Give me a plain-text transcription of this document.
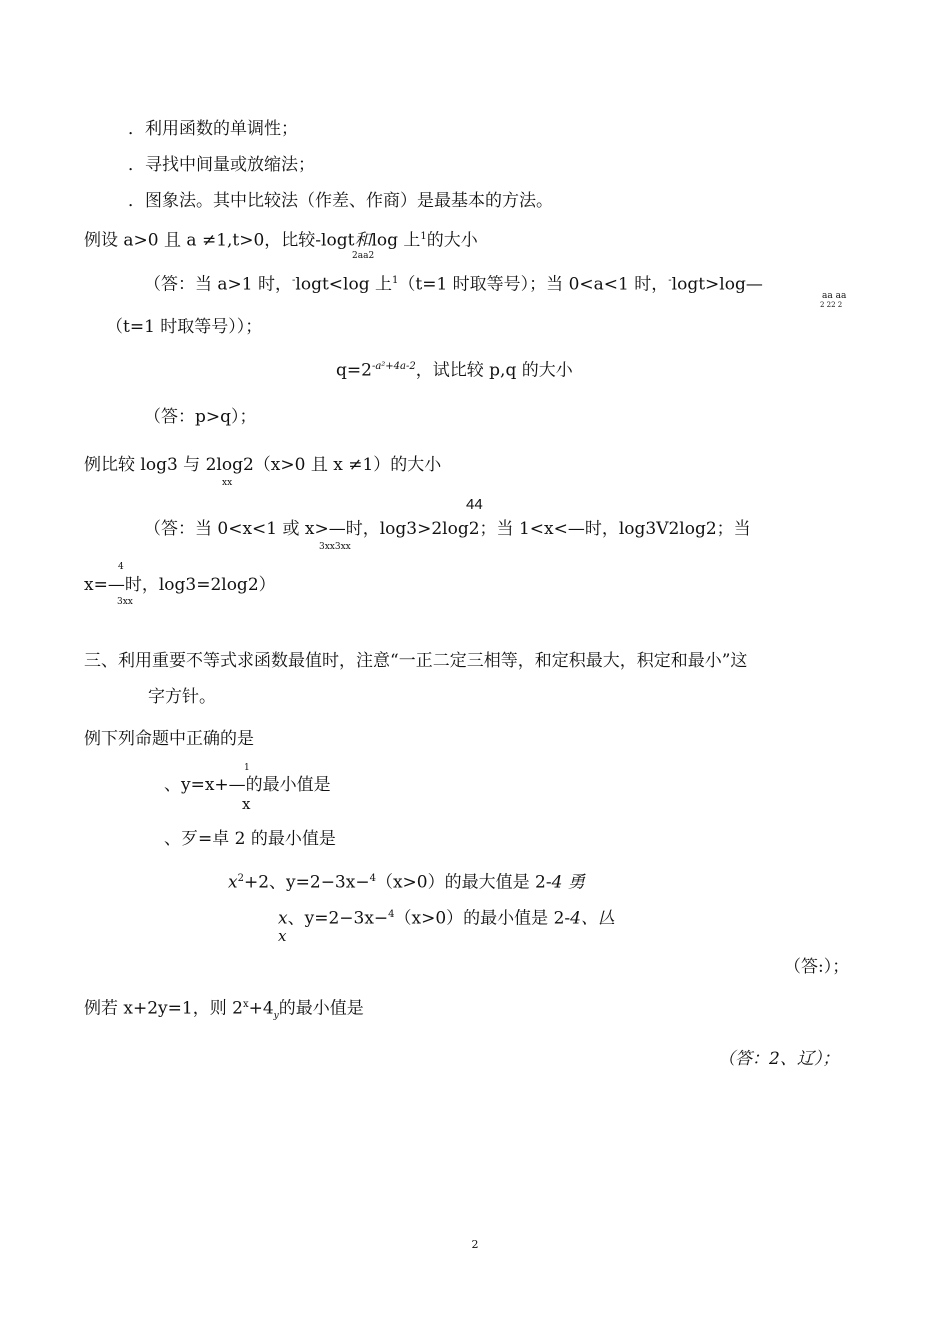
．利用函数的单调性；
．寻找中间量或放缩法；
．图象法。其中比较法（作差、作商）是最基本的方法。
例设 a>0 且 a ≠1,t>0，比较-logt和log 上$^1$的大小
2aa2
（答：当 a>1 时，-logt<log 上$^1$（t=1 时取等号）；当 0<a<1 时，-logt>log—
aa aa
2 22 2
（t=1 时取等号））；
$q=2^{-a^2+4a-2}$，试比较 p,q 的大小
（答：p>q）；
例比较 log3 与 2log2（x>0 且 x ≠1）的大小
xx
44
（答：当 0<x<1 或 x>—时，log3>2log2；当 1<x<—时，log3V2log2；当
3xx3xx
4
x=—时，log3=2log2）
3xx
三、利用重要不等式求函数最值时，注意“一正二定三相等，和定积最大，积定和最小”这
字方针。
例下列命题中正确的是
1
、y=x+—的最小值是
x
、歹=卓 2 的最小值是
$x^2+2$、y=2−3x−$^4$（x>0）的最大值是 2-4 勇
x、y=2−3x−$^4$（x>0）的最小值是 2-4、亾
x
（答:）；
例若 x+2y=1，则 $2^x+4_y$的最小值是
（答：2、辽）；
2
